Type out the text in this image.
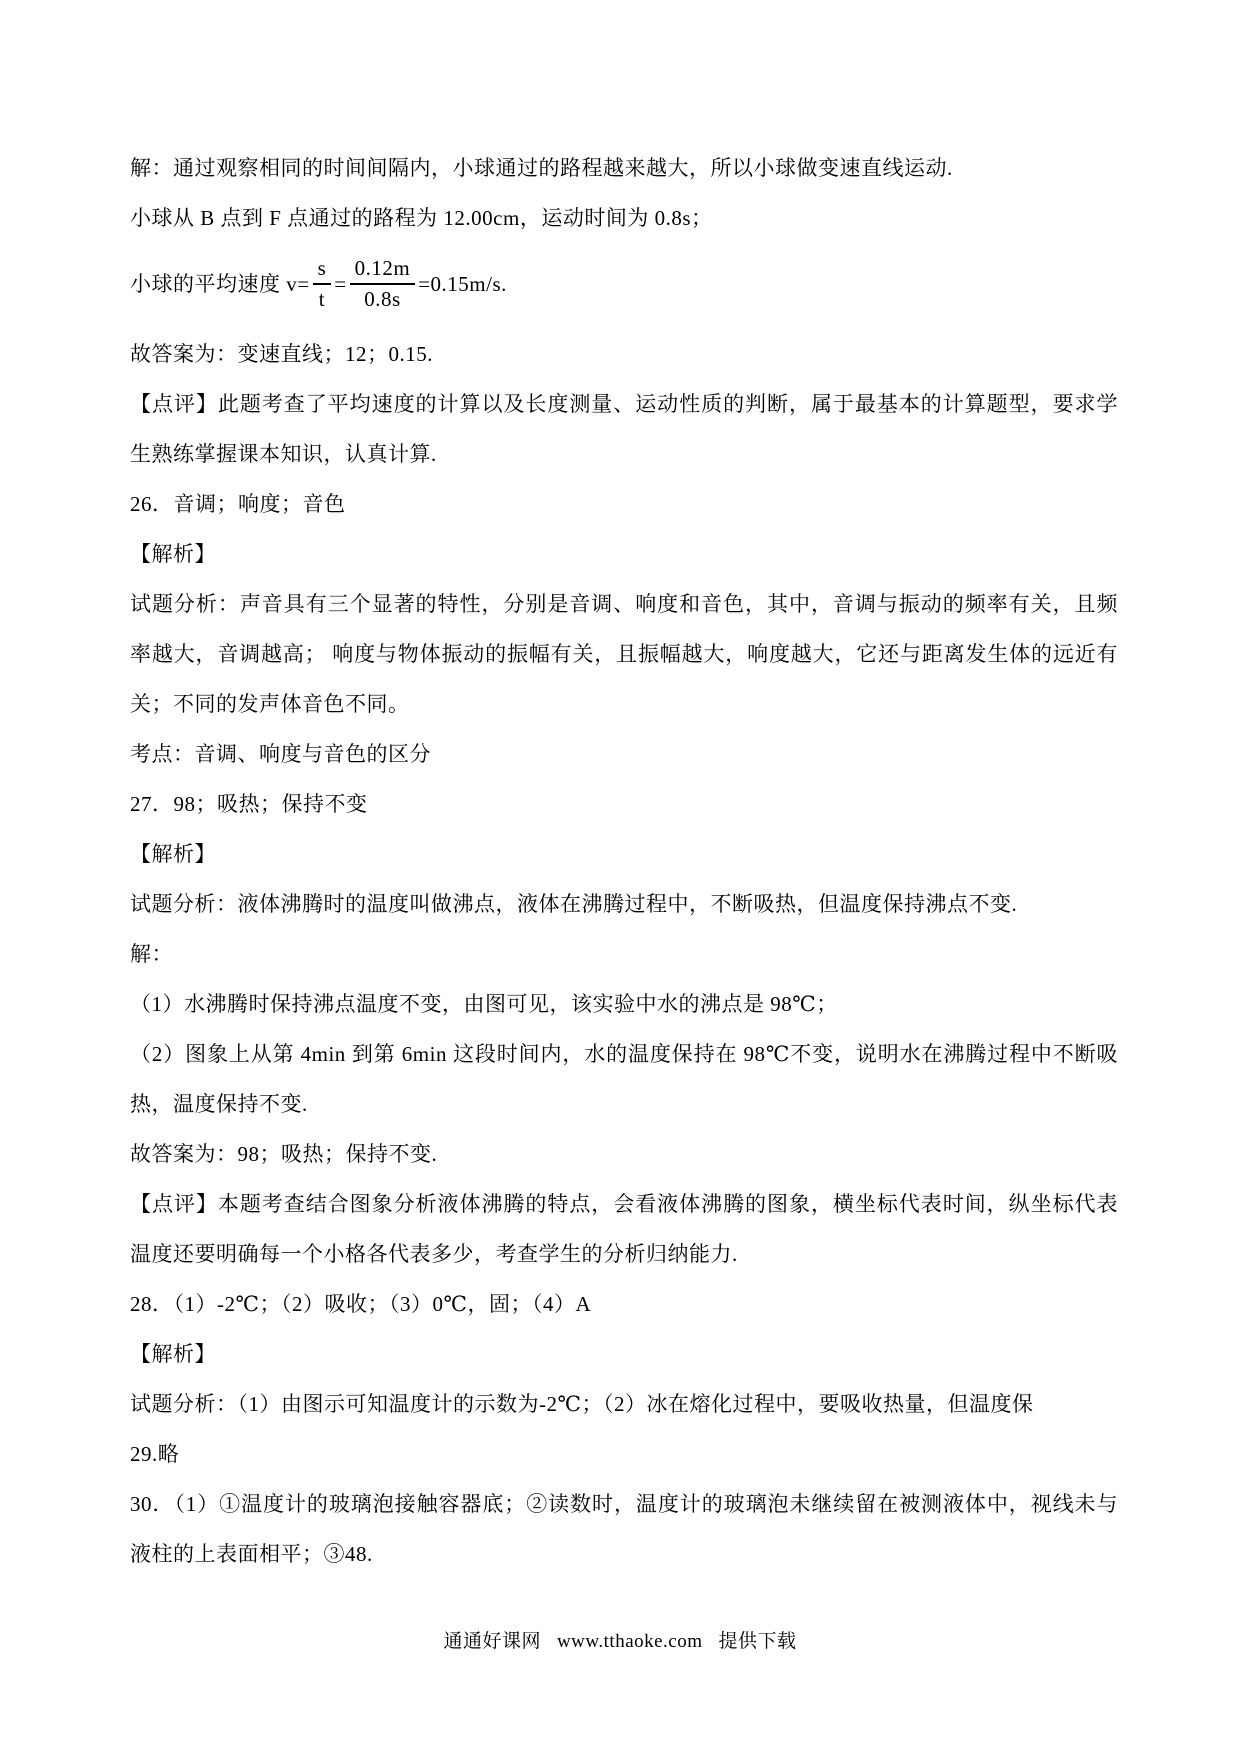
解：通过观察相同的时间间隔内，小球通过的路程越来越大，所以小球做变速直线运动.

小球从 B 点到 F 点通过的路程为 12.00cm，运动时间为 0.8s；

小球的平均速度 $v= \frac{s}{t} = \frac{0.12m}{0.8s} =0.15m/s$.

故答案为：变速直线；12；0.15.

【点评】此题考查了平均速度的计算以及长度测量、运动性质的判断，属于最基本的计算题型，要求学生熟练掌握课本知识，认真计算.

26．音调；响度；音色

【解析】

试题分析：声音具有三个显著的特性，分别是音调、响度和音色，其中，音调与振动的频率有关，且频率越大，音调越高； 响度与物体振动的振幅有关，且振幅越大，响度越大，它还与距离发生体的远近有关；不同的发声体音色不同。

考点：音调、响度与音色的区分

27．98；吸热；保持不变

【解析】

试题分析：液体沸腾时的温度叫做沸点，液体在沸腾过程中，不断吸热，但温度保持沸点不变.

解：

（1）水沸腾时保持沸点温度不变，由图可见，该实验中水的沸点是 98℃；

（2）图象上从第 4min 到第 6min 这段时间内，水的温度保持在 98℃不变，说明水在沸腾过程中不断吸热，温度保持不变.

故答案为：98；吸热；保持不变.

【点评】本题考查结合图象分析液体沸腾的特点，会看液体沸腾的图象，横坐标代表时间，纵坐标代表温度还要明确每一个小格各代表多少，考查学生的分析归纳能力.

28．（1）-2℃；（2）吸收；（3）0℃，固；（4）A

【解析】

试题分析：（1）由图示可知温度计的示数为-2℃；（2）冰在熔化过程中，要吸收热量，但温度保

29.略

30．（1）①温度计的玻璃泡接触容器底；②读数时，温度计的玻璃泡未继续留在被测液体中，视线未与液柱的上表面相平；③48.

通通好课网 www.tthaoke.com 提供下载
